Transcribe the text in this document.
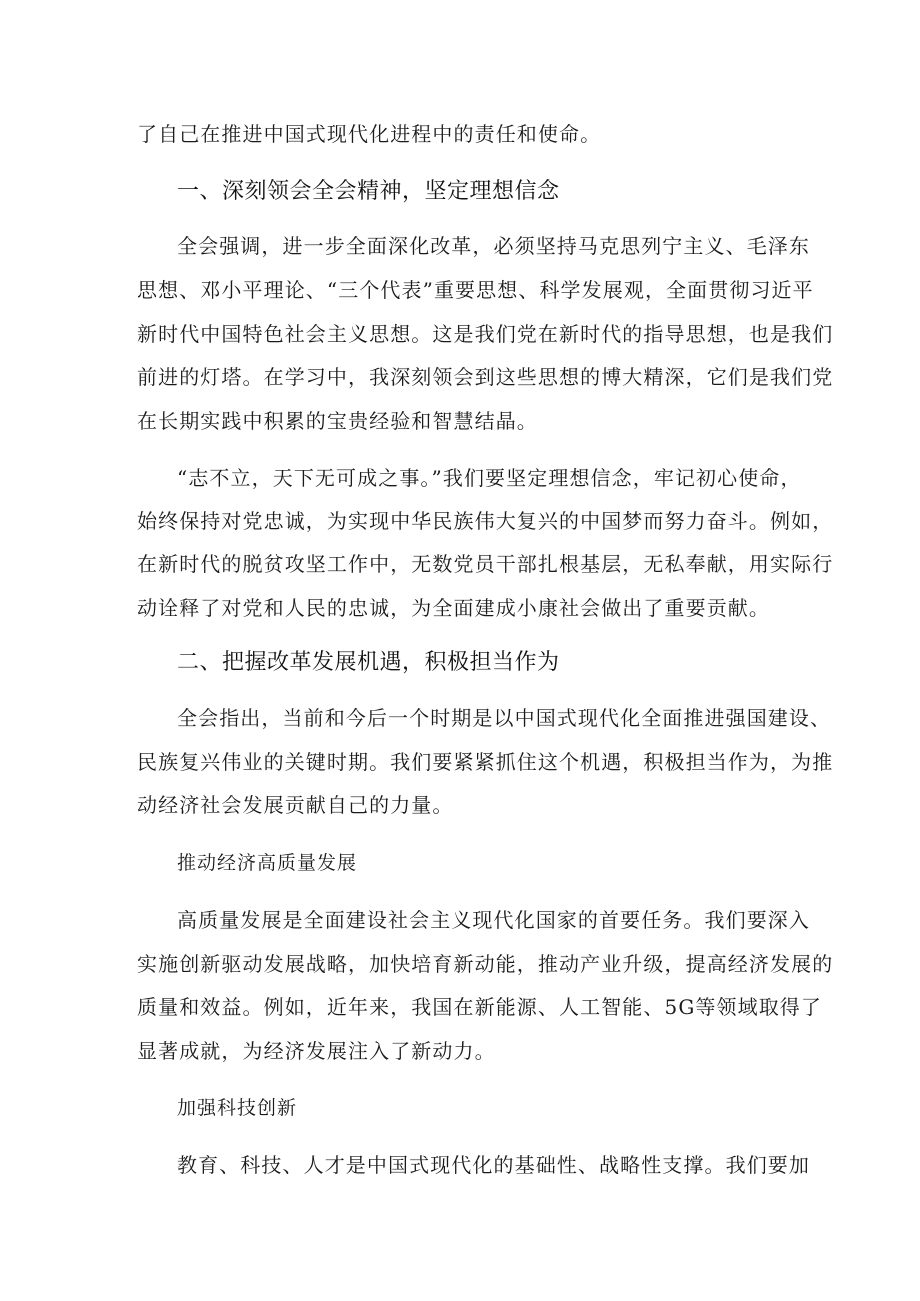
了自己在推进中国式现代化进程中的责任和使命。
一、深刻领会全会精神，坚定理想信念
全会强调，进一步全面深化改革，必须坚持马克思列宁主义、毛泽东
思想、邓小平理论、“三个代表”重要思想、科学发展观，全面贯彻习近平
新时代中国特色社会主义思想。这是我们党在新时代的指导思想，也是我们
前进的灯塔。在学习中，我深刻领会到这些思想的博大精深，它们是我们党
在长期实践中积累的宝贵经验和智慧结晶。
“志不立，天下无可成之事。”我们要坚定理想信念，牢记初心使命，
始终保持对党忠诚，为实现中华民族伟大复兴的中国梦而努力奋斗。例如，
在新时代的脱贫攻坚工作中，无数党员干部扎根基层，无私奉献，用实际行
动诠释了对党和人民的忠诚，为全面建成小康社会做出了重要贡献。
二、把握改革发展机遇，积极担当作为
全会指出，当前和今后一个时期是以中国式现代化全面推进强国建设、
民族复兴伟业的关键时期。我们要紧紧抓住这个机遇，积极担当作为，为推
动经济社会发展贡献自己的力量。
推动经济高质量发展
高质量发展是全面建设社会主义现代化国家的首要任务。我们要深入
实施创新驱动发展战略，加快培育新动能，推动产业升级，提高经济发展的
质量和效益。例如，近年来，我国在新能源、人工智能、5G等领域取得了
显著成就，为经济发展注入了新动力。
加强科技创新
教育、科技、人才是中国式现代化的基础性、战略性支撑。我们要加
